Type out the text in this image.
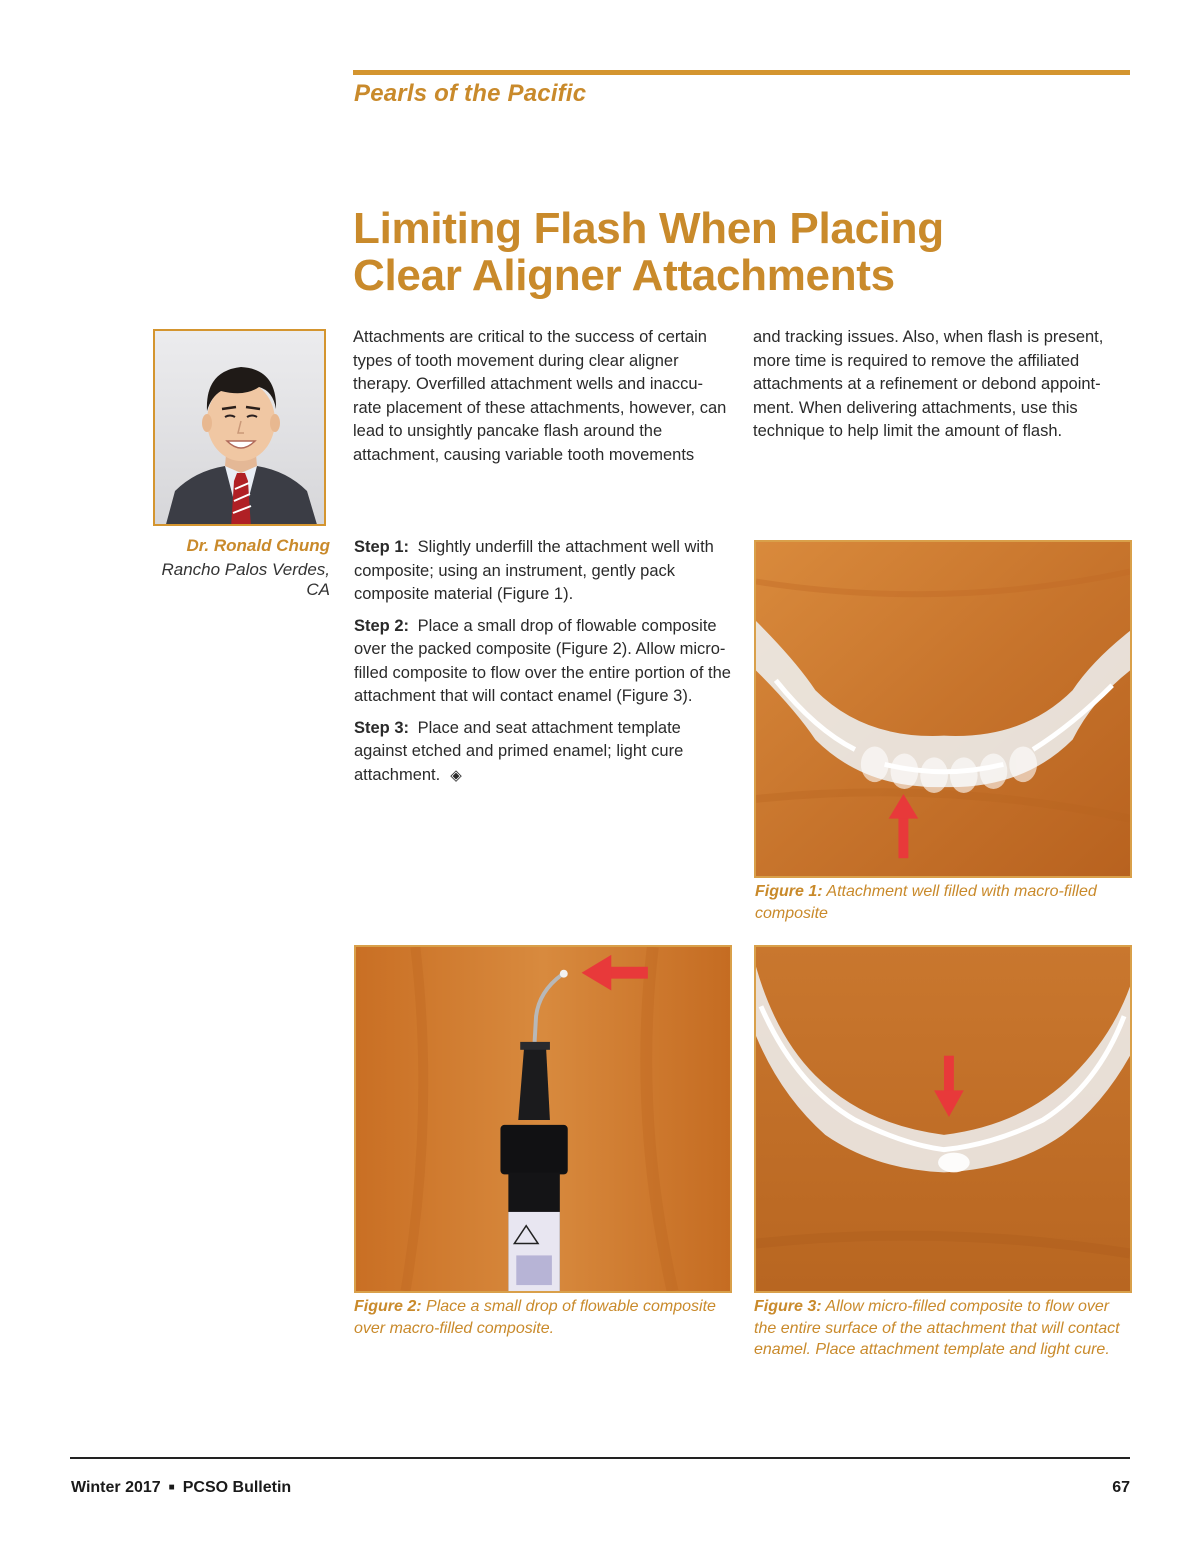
Pearls of the Pacific
Limiting Flash When Placing
Clear Aligner Attachments
Dr. Ronald Chung
Rancho Palos Verdes, CA
Attachments are critical to the success of certain types of tooth movement during clear aligner therapy. Overfilled attachment wells and inaccu-rate placement of these attachments, however, can lead to unsightly pancake flash around the attachment, causing variable tooth movements
and tracking issues. Also, when flash is present, more time is required to remove the affiliated attachments at a refinement or debond appoint-ment. When delivering attachments, use this technique to help limit the amount of flash.

Step 1: Slightly underfill the attachment well with composite; using an instrument, gently pack composite material (Figure 1).

Step 2: Place a small drop of flowable composite over the packed composite (Figure 2). Allow micro-filled composite to flow over the entire portion of the attachment that will contact enamel (Figure 3).

Step 3: Place and seat attachment template against etched and primed enamel; light cure attachment. ◈

Figure 1: Attachment well filled with macro-filled composite
Figure 2: Place a small drop of flowable composite over macro-filled composite.
Figure 3: Allow micro-filled composite to flow over the entire surface of the attachment that will contact enamel. Place attachment template and light cure.
Winter 2017 ■ PCSO Bulletin	67
